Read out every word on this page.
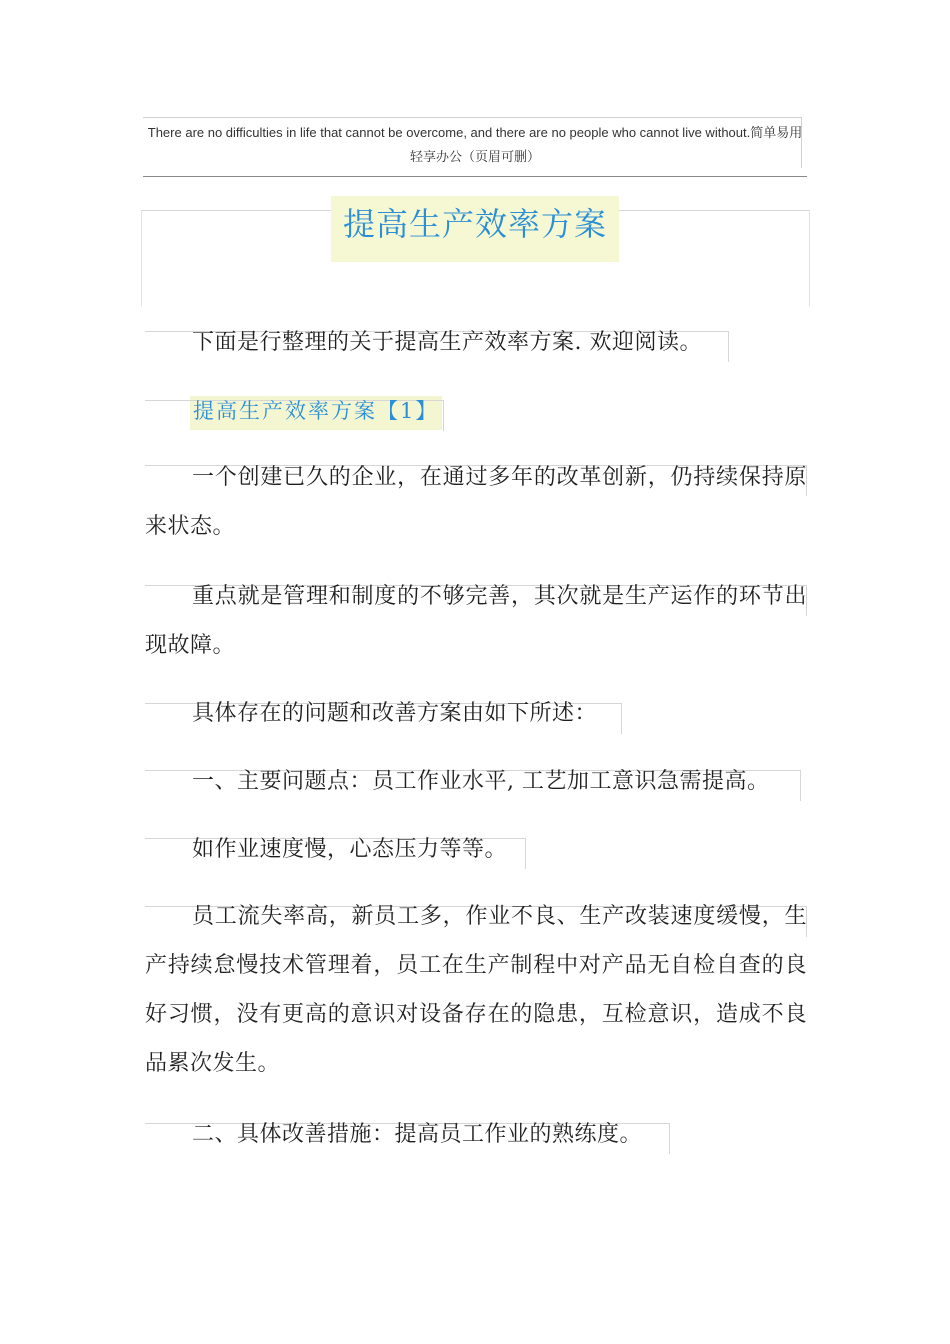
There are no difficulties in life that cannot be overcome, and there are no people who cannot live without.简单易用　轻享办公（页眉可删）
提高生产效率方案

下面是行整理的关于提高生产效率方案. 欢迎阅读。

提高生产效率方案【1】

一个创建已久的企业，在通过多年的改革创新，仍持续保持原来状态。

重点就是管理和制度的不够完善，其次就是生产运作的环节出现故障。

具体存在的问题和改善方案由如下所述：

一、主要问题点：员工作业水平, 工艺加工意识急需提高。

如作业速度慢，心态压力等等。

员工流失率高，新员工多，作业不良、生产改装速度缓慢，生产持续怠慢技术管理着，员工在生产制程中对产品无自检自查的良好习惯，没有更高的意识对设备存在的隐患，互检意识，造成不良品累次发生。

二、具体改善措施：提高员工作业的熟练度。
